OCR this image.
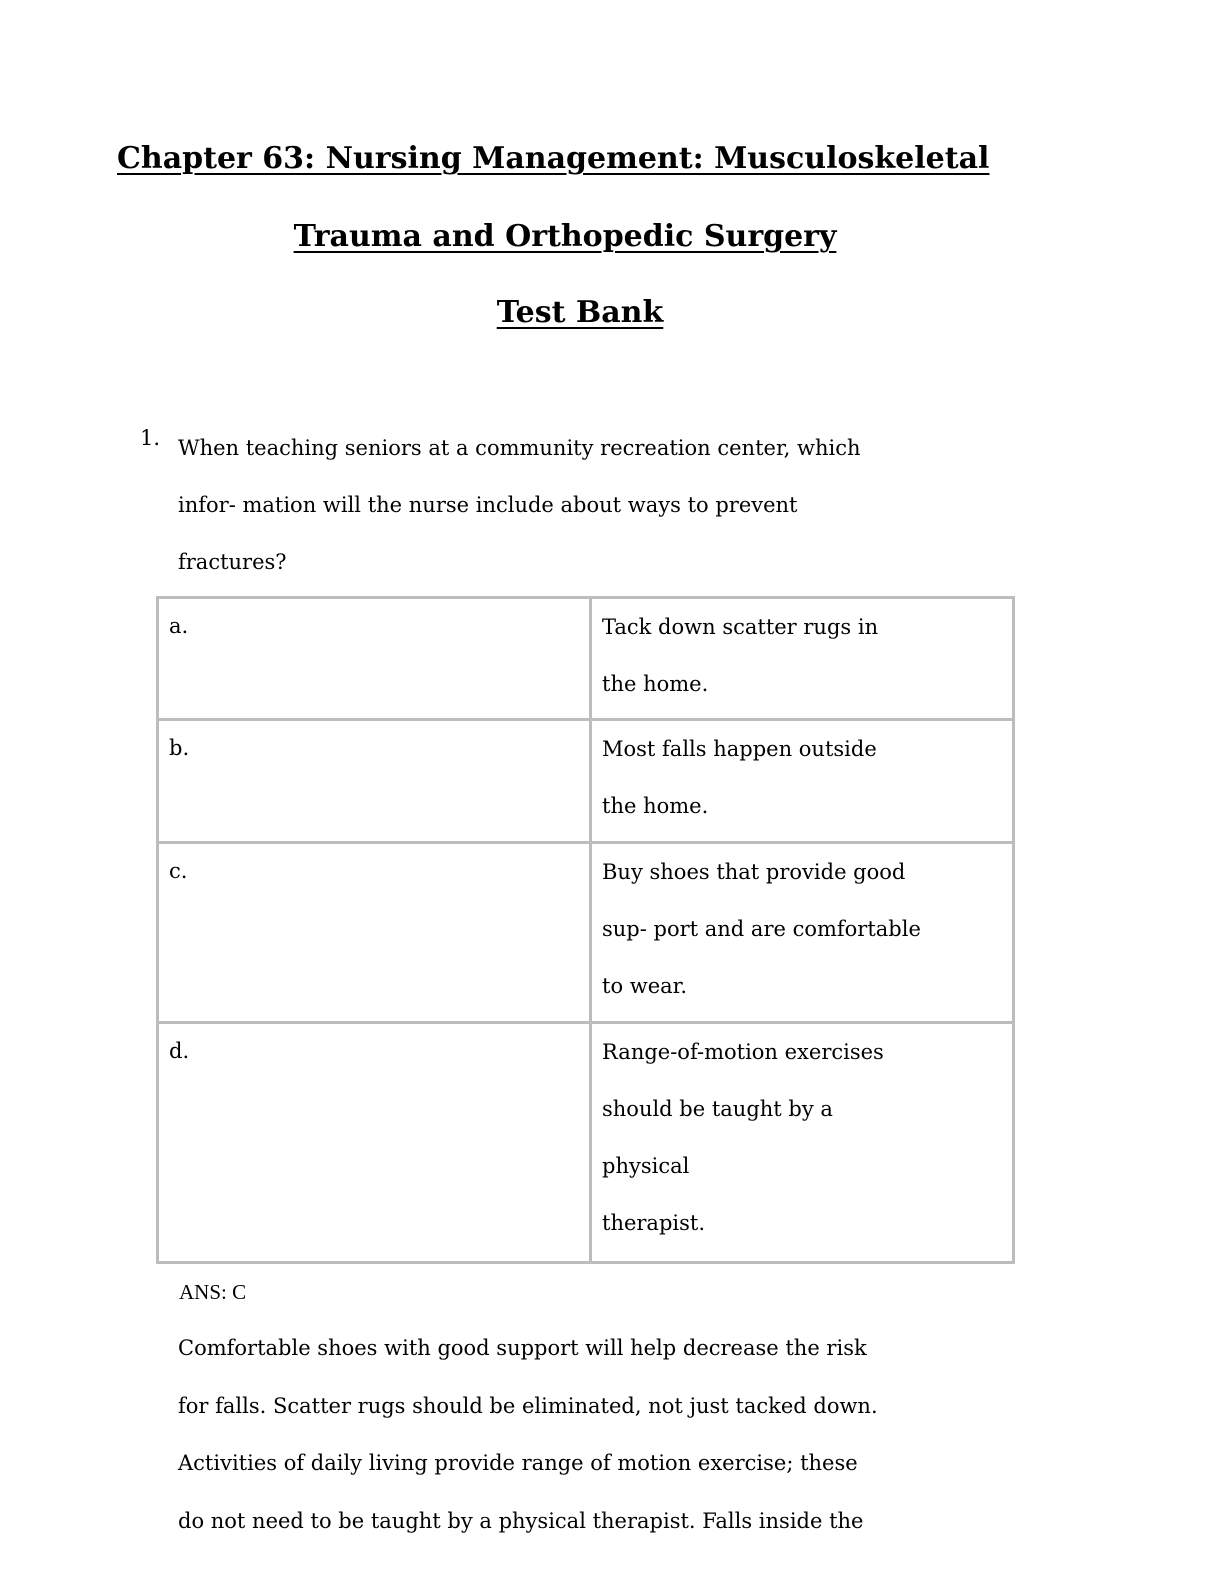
Chapter 63: Nursing Management: Musculoskeletal
Trauma and Orthopedic Surgery
Test Bank
1. When teaching seniors at a community recreation center, which
infor- mation will the nurse include about ways to prevent
fractures?

a.	Tack down scatter rugs in
the home.

b.	Most falls happen outside
the home.

c.	Buy shoes that provide good
sup- port and are comfortable
to wear.

d.	Range-of-motion exercises
should be taught by a
physical
therapist.
ANS: C

Comfortable shoes with good support will help decrease the risk
for falls. Scatter rugs should be eliminated, not just tacked down.
Activities of daily living provide range of motion exercise; these
do not need to be taught by a physical therapist. Falls inside the
